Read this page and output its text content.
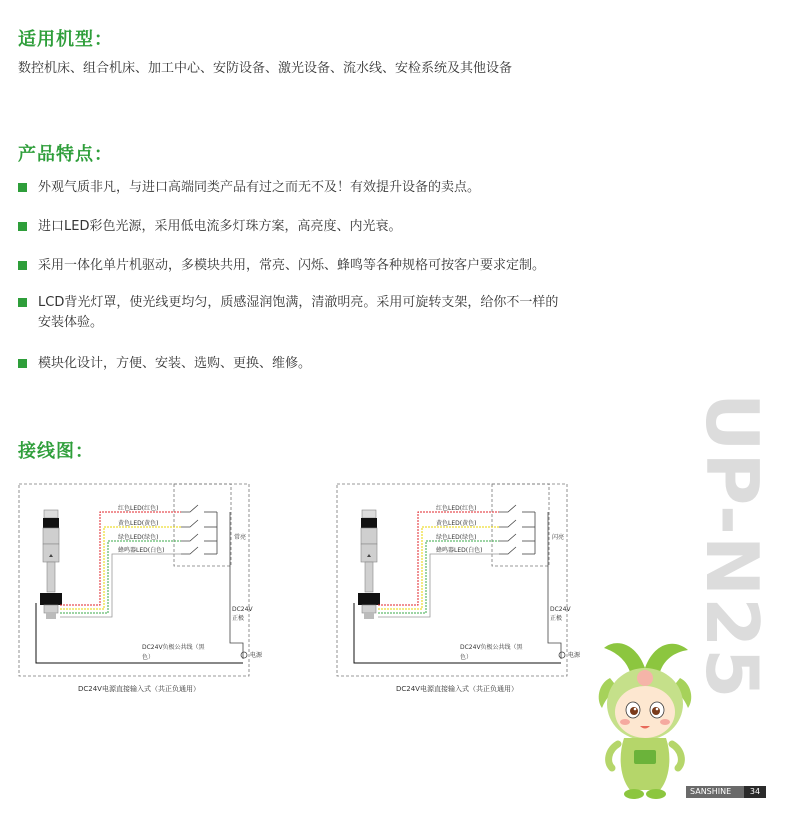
适用机型：
数控机床、组合机床、加工中心、安防设备、激光设备、流水线、安检系统及其他设备
产品特点：
外观气质非凡，与进口高端同类产品有过之而无不及！有效提升设备的卖点。
进口LED彩色光源，采用低电流多灯珠方案，高亮度、内光衰。
采用一体化单片机驱动，多模块共用，常亮、闪烁、蜂鸣等各种规格可按客户要求定制。
LCD背光灯罩，使光线更均匀，质感湿润饱满，清澈明亮。采用可旋转支架，给你不一样的
安装体验。
模块化设计，方便、安装、选购、更换、维修。
接线图：
红色LED(红色)
黄色LED(黄色)
绿色LED(绿色)
蜂鸣器LED(白色)
常亮
DC24V
正极
DC24V负极公共线（黑
色）	电源
DC24V电源直接输入式（共正负通用）
红色LED(红色)
黄色LED(黄色)
绿色LED(绿色)
蜂鸣器LED(白色)
闪亮
DC24V
正极
DC24V负极公共线（黑
色）	电源
DC24V电源直接输入式（共正负通用） UP-N25
SANSHINE	34
